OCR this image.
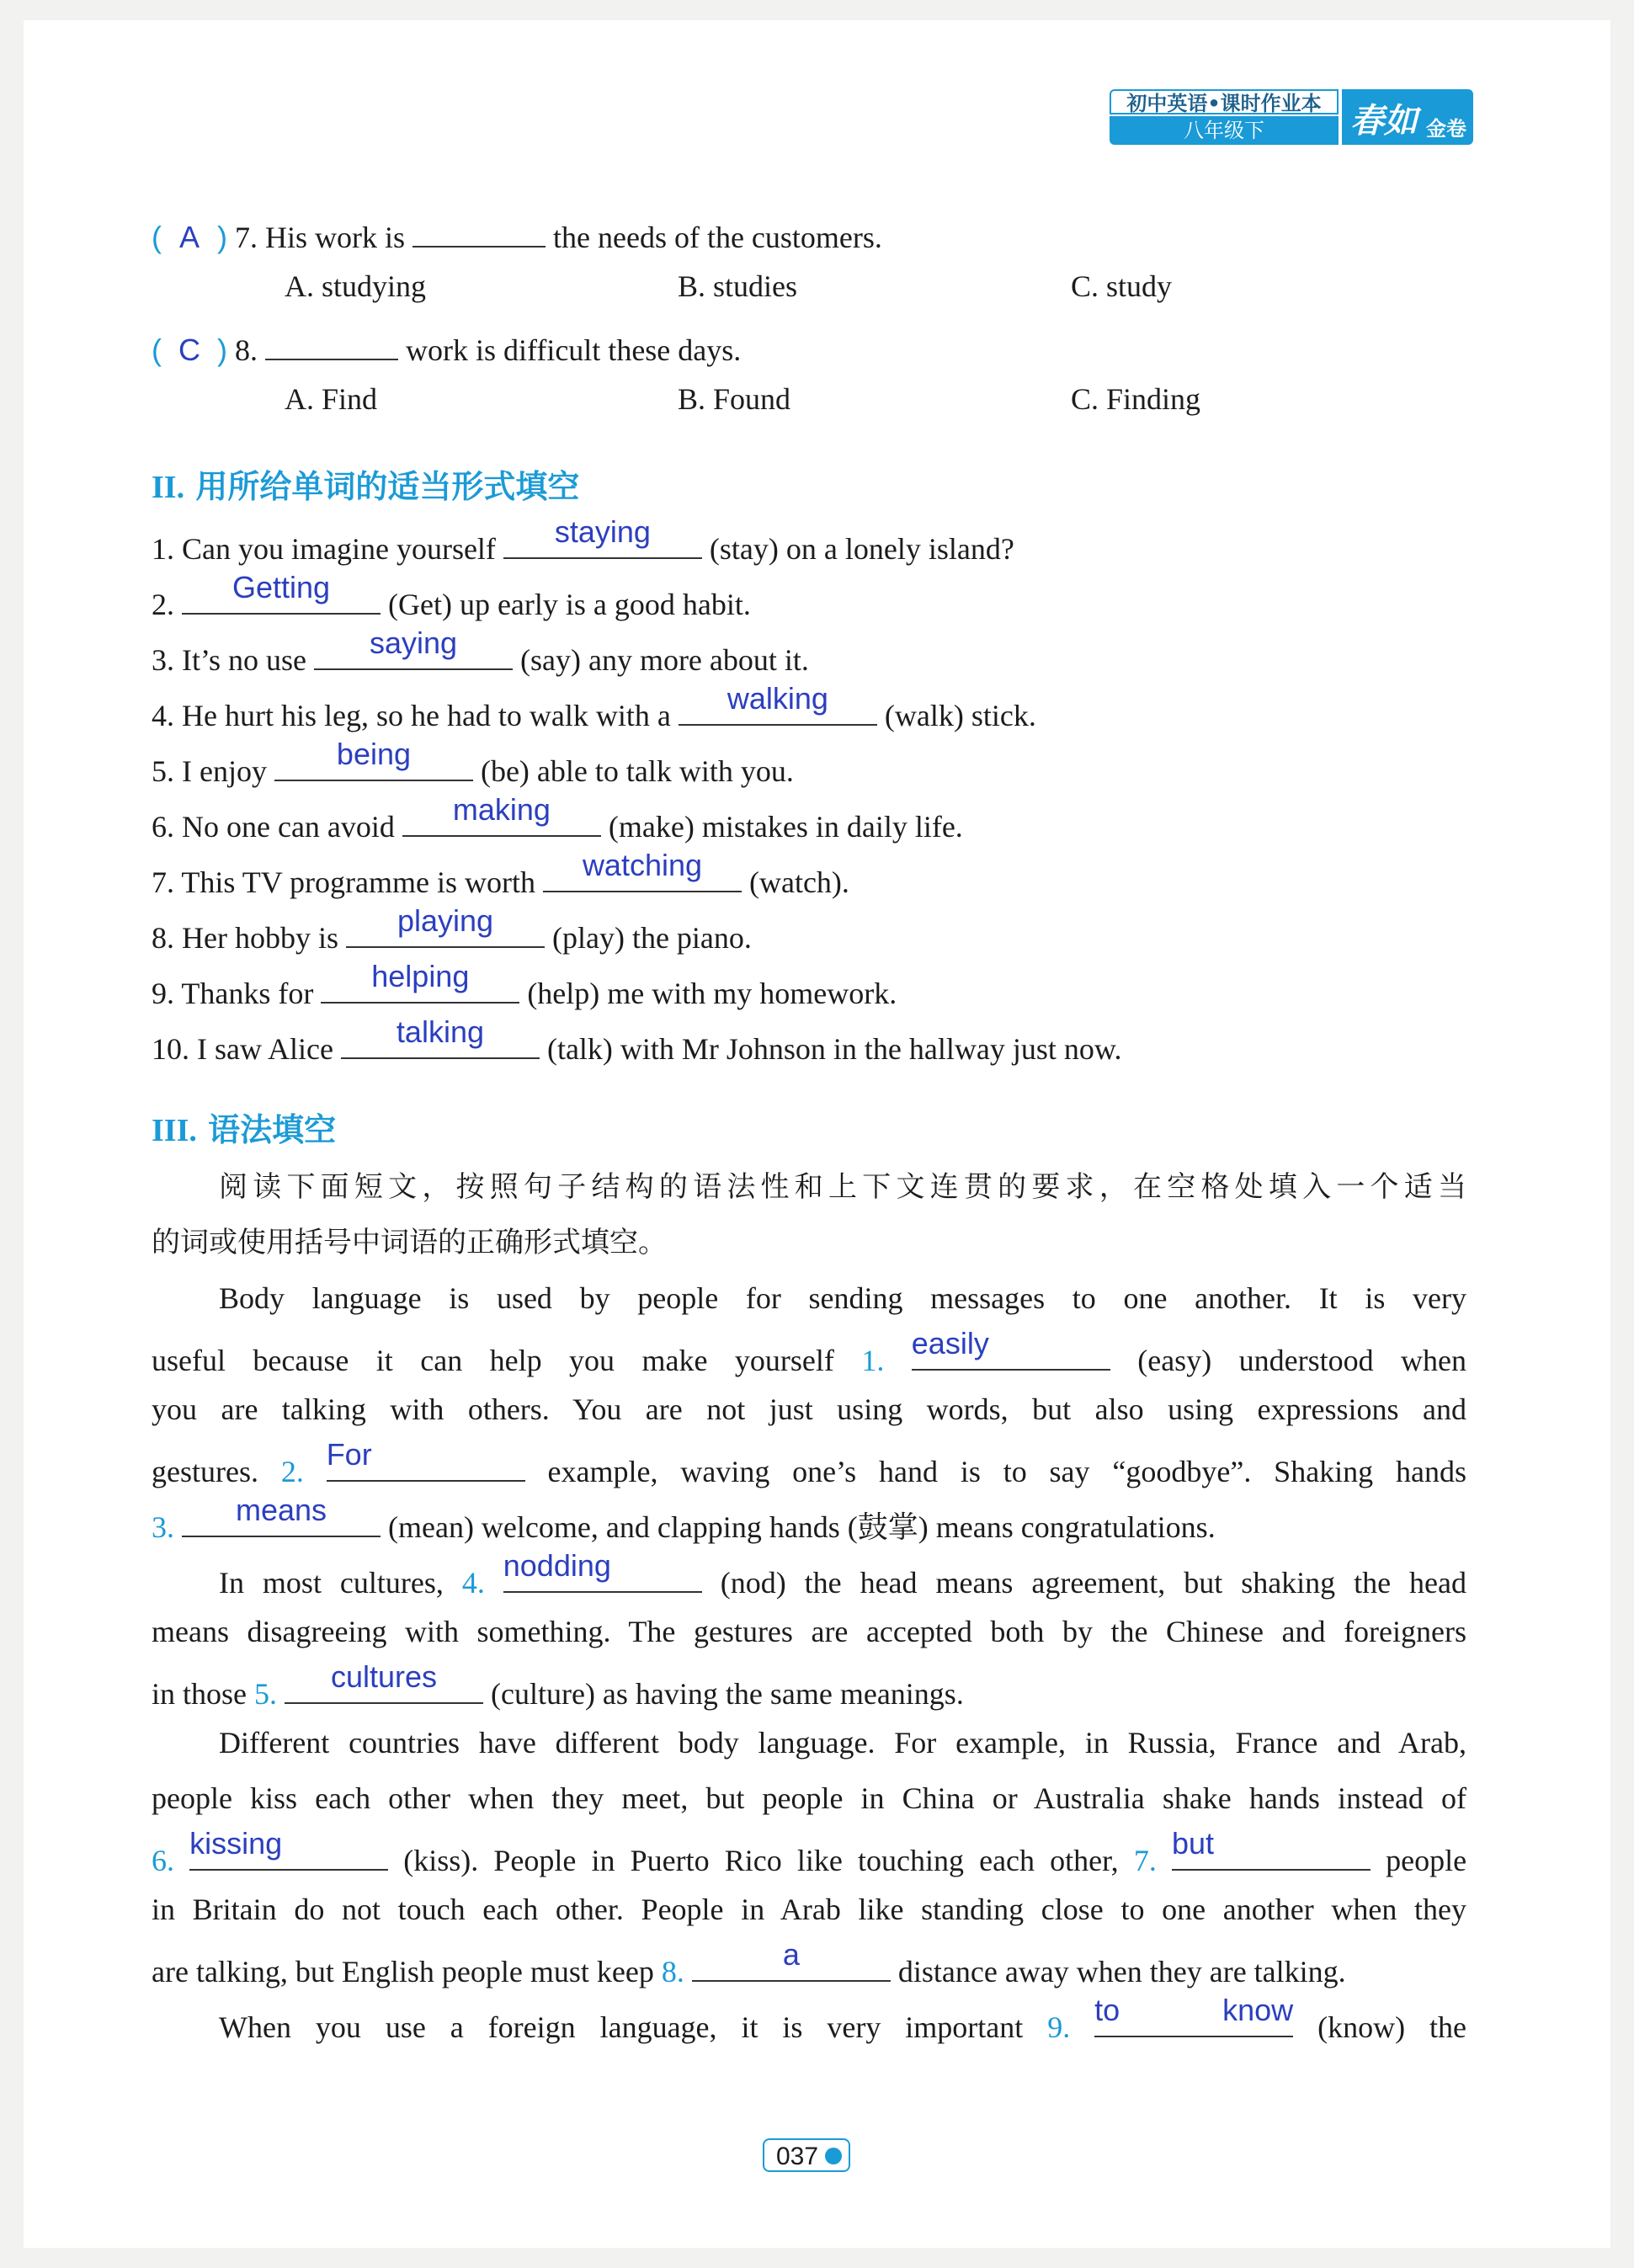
初中英语•课时作业本
八年级下	春如 金卷
( A ) 7. His work is	the needs of the customers.
A. studying	B. studies	C. study
( C ) 8.	work is difficult these days.
A. Find	B. Found	C. Finding
II. 用所给单词的适当形式填空
1. Can you imagine yourself	staying	(stay) on a lonely island?
2.	Getting	(Get) up early is a good habit.
3. It’s no use	saying	(say) any more about it.
4. He hurt his leg, so he had to walk with a	walking	(walk) stick.
5. I enjoy	being	(be) able to talk with you.
6. No one can avoid	making	(make) mistakes in daily life.
7. This TV programme is worth	watching	(watch).
8. Her hobby is	playing	(play) the piano.
9. Thanks for	helping	(help) me with my homework.
10. I saw Alice	talking	(talk) with Mr Johnson in the hallway just now.
III. 语法填空
阅读下面短文，按照句子结构的语法性和上下文连贯的要求，在空格处填入一个适当
的词或使用括号中词语的正确形式填空。
Body language is used by people for sending messages to one another. It is very
useful because it can help you make yourself 1. easily	(easy) understood when
you are talking with others. You are not just using words, but also using expressions and
gestures. 2. For	example, waving one’s hand is to say “goodbye”. Shaking hands
3.	means	(mean) welcome, and clapping hands (鼓掌) means congratulations.
In most cultures, 4. nodding	(nod) the head means agreement, but shaking the head
means disagreeing with something. The gestures are accepted both by the Chinese and foreigners
in those 5.	cultures	(culture) as having the same meanings.
Different countries have different body language. For example, in Russia, France and Arab,
people kiss each other when they meet, but people in China or Australia shake hands instead of
6. kissing	(kiss). People in Puerto Rico like touching each other, 7. but	people
in Britain do not touch each other. People in Arab like standing close to one another when they
are talking, but English people must keep 8.	a	distance away when they are talking.
When you use a foreign language, it is very important 9. to know (know) the
037
